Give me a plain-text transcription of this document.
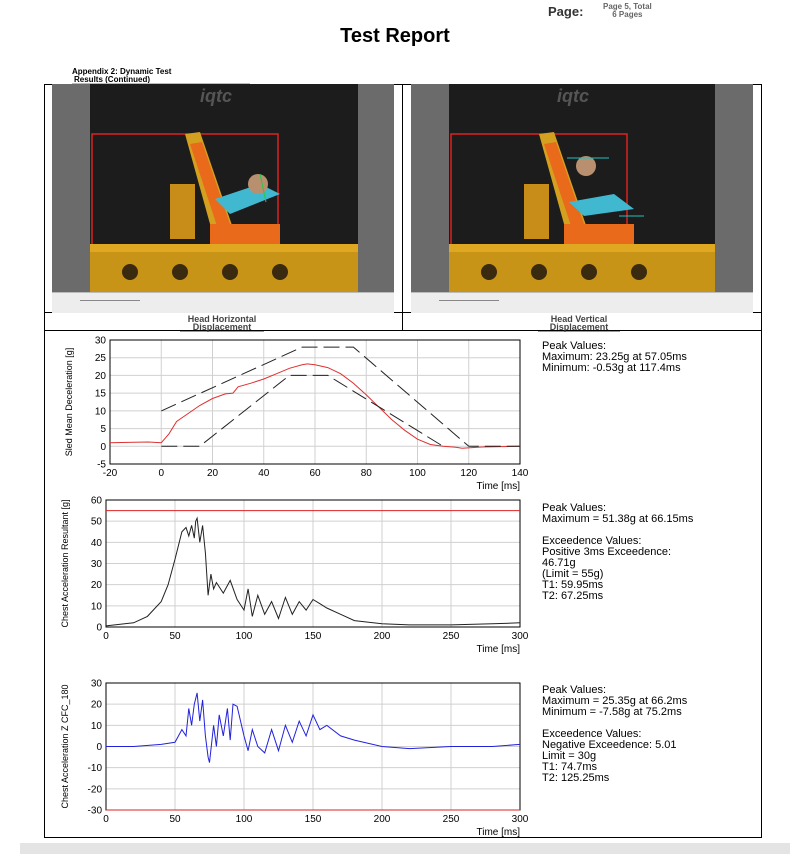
Page: Page 5, Total
6 Pages
Test Report
Appendix 2: Dynamic Test
Results (Continued)
iqtc
Head Horizontal
Displacement
iqtc
Head Vertical
Displacement
-20	0	20	40	60	80	100	120	140
-5
0
5
10
15
20
25
30
Time [ms]
Sled Mean Deceleration [g]
0	50	100	150	200	250	300
0
10
20
30
40
50
60
Time [ms]
Chest Acceleration Resultant [g]
0	50	100	150	200	250	300
-30
-20
-10
0
10
20
30
Time [ms]
Chest Acceleration Z CFC_180
Peak Values:
Maximum: 23.25g at 57.05ms
Minimum: -0.53g at 117.4ms
Peak Values:
Maximum = 51.38g at 66.15ms
Exceedence Values:
Positive 3ms Exceedence:
46.71g
(Limit = 55g)
T1: 59.95ms
T2: 67.25ms
Peak Values:
Maximum = 25.35g at 66.2ms
Minimum = -7.58g at 75.2ms
Exceedence Values:
Negative Exceedence: 5.01
Limit = 30g
T1: 74.7ms
T2: 125.25ms
